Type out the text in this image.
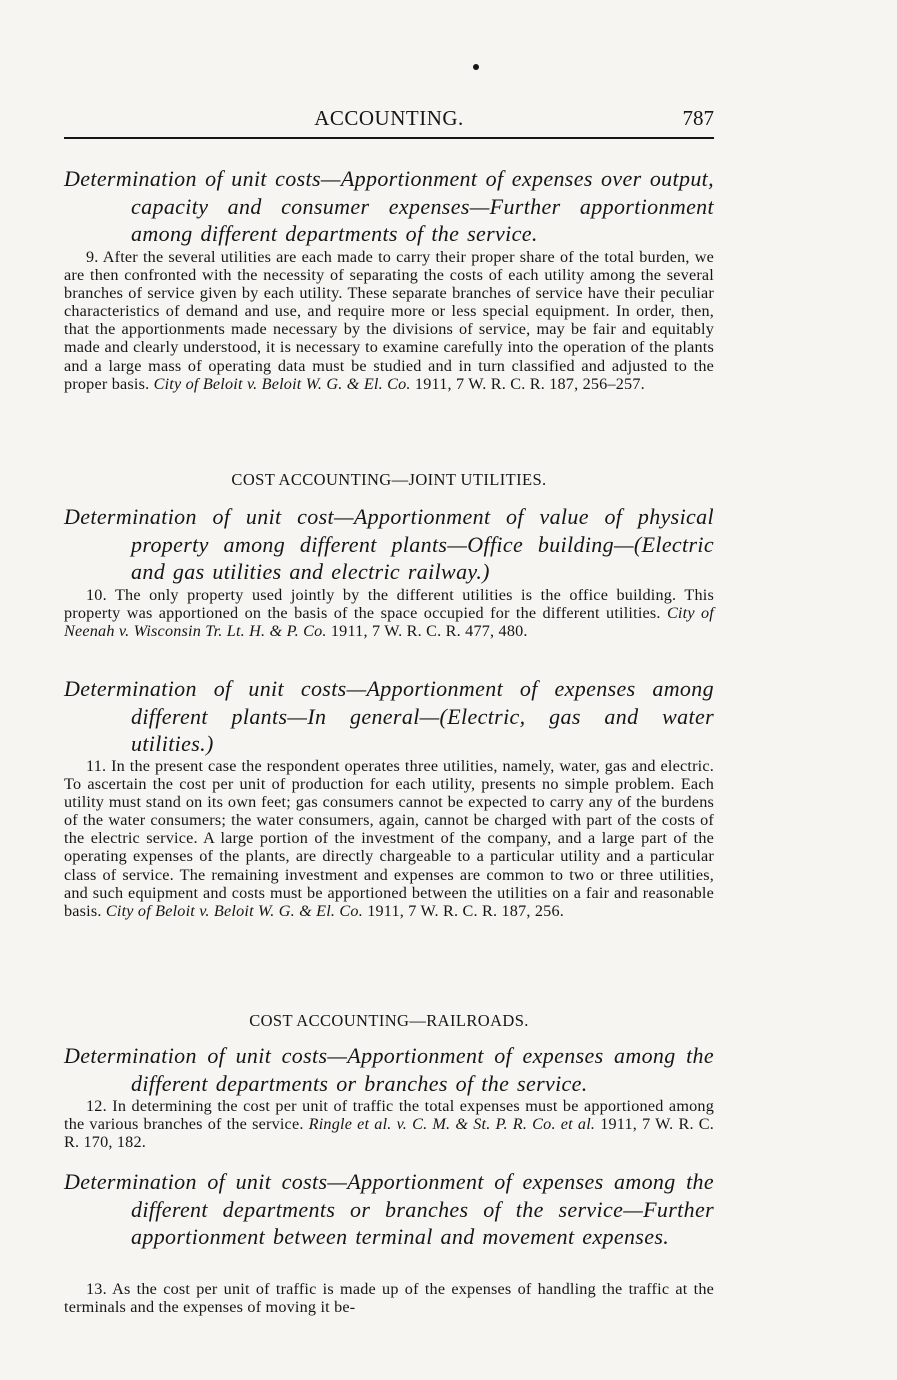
ACCOUNTING.	787
Determination of unit costs—Apportionment of expenses over output, capacity and consumer expenses—Further apportionment among different departments of the service.
9. After the several utilities are each made to carry their proper share of the total burden, we are then confronted with the necessity of separating the costs of each utility among the several branches of service given by each utility. These separate branches of service have their peculiar characteristics of demand and use, and require more or less special equipment. In order, then, that the apportionments made necessary by the divisions of service, may be fair and equitably made and clearly understood, it is necessary to examine carefully into the operation of the plants and a large mass of operating data must be studied and in turn classified and adjusted to the proper basis. City of Beloit v. Beloit W. G. & El. Co. 1911, 7 W. R. C. R. 187, 256–257.
COST ACCOUNTING—JOINT UTILITIES.
Determination of unit cost—Apportionment of value of physical property among different plants—Office building—(Electric and gas utilities and electric railway.)
10. The only property used jointly by the different utilities is the office building. This property was apportioned on the basis of the space occupied for the different utilities. City of Neenah v. Wisconsin Tr. Lt. H. & P. Co. 1911, 7 W. R. C. R. 477, 480.
Determination of unit costs—Apportionment of expenses among different plants—In general—(Electric, gas and water utilities.)
11. In the present case the respondent operates three utilities, namely, water, gas and electric. To ascertain the cost per unit of production for each utility, presents no simple problem. Each utility must stand on its own feet; gas consumers cannot be expected to carry any of the burdens of the water consumers; the water consumers, again, cannot be charged with part of the costs of the electric service. A large portion of the investment of the company, and a large part of the operating expenses of the plants, are directly chargeable to a particular utility and a particular class of service. The remaining investment and expenses are common to two or three utilities, and such equipment and costs must be apportioned between the utilities on a fair and reasonable basis. City of Beloit v. Beloit W. G. & El. Co. 1911, 7 W. R. C. R. 187, 256.
COST ACCOUNTING—RAILROADS.
Determination of unit costs—Apportionment of expenses among the different departments or branches of the service.
12. In determining the cost per unit of traffic the total expenses must be apportioned among the various branches of the service. Ringle et al. v. C. M. & St. P. R. Co. et al. 1911, 7 W. R. C. R. 170, 182.
Determination of unit costs—Apportionment of expenses among the different departments or branches of the service—Further apportionment between terminal and movement expenses.
13. As the cost per unit of traffic is made up of the expenses of handling the traffic at the terminals and the expenses of moving it be-
